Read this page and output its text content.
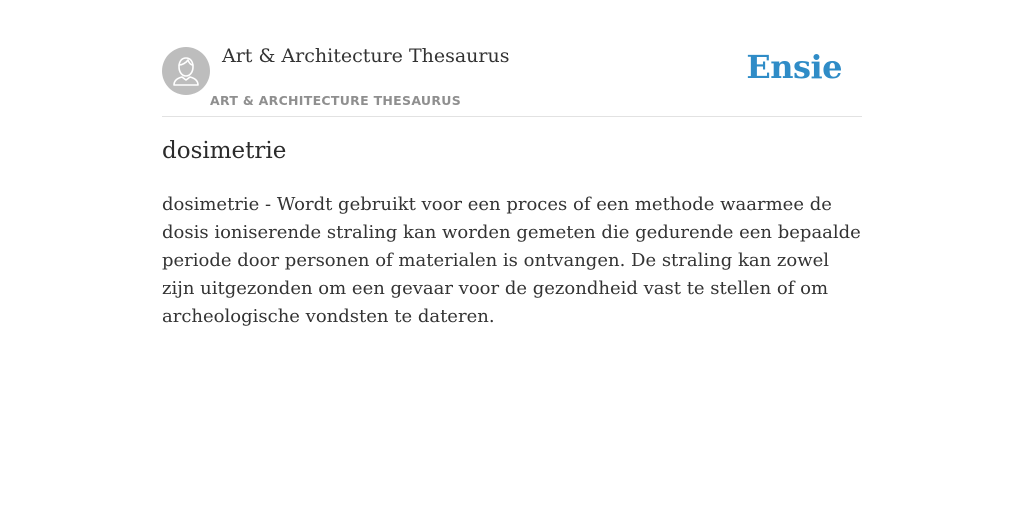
Art & Architecture Thesaurus
ART & ARCHITECTURE THESAURUS
Ensie
dosimetrie

dosimetrie - Wordt gebruikt voor een proces of een methode waarmee de dosis ioniserende straling kan worden gemeten die gedurende een bepaalde periode door personen of materialen is ontvangen. De straling kan zowel zijn uitgezonden om een gevaar voor de gezondheid vast te stellen of om archeologische vondsten te dateren.
